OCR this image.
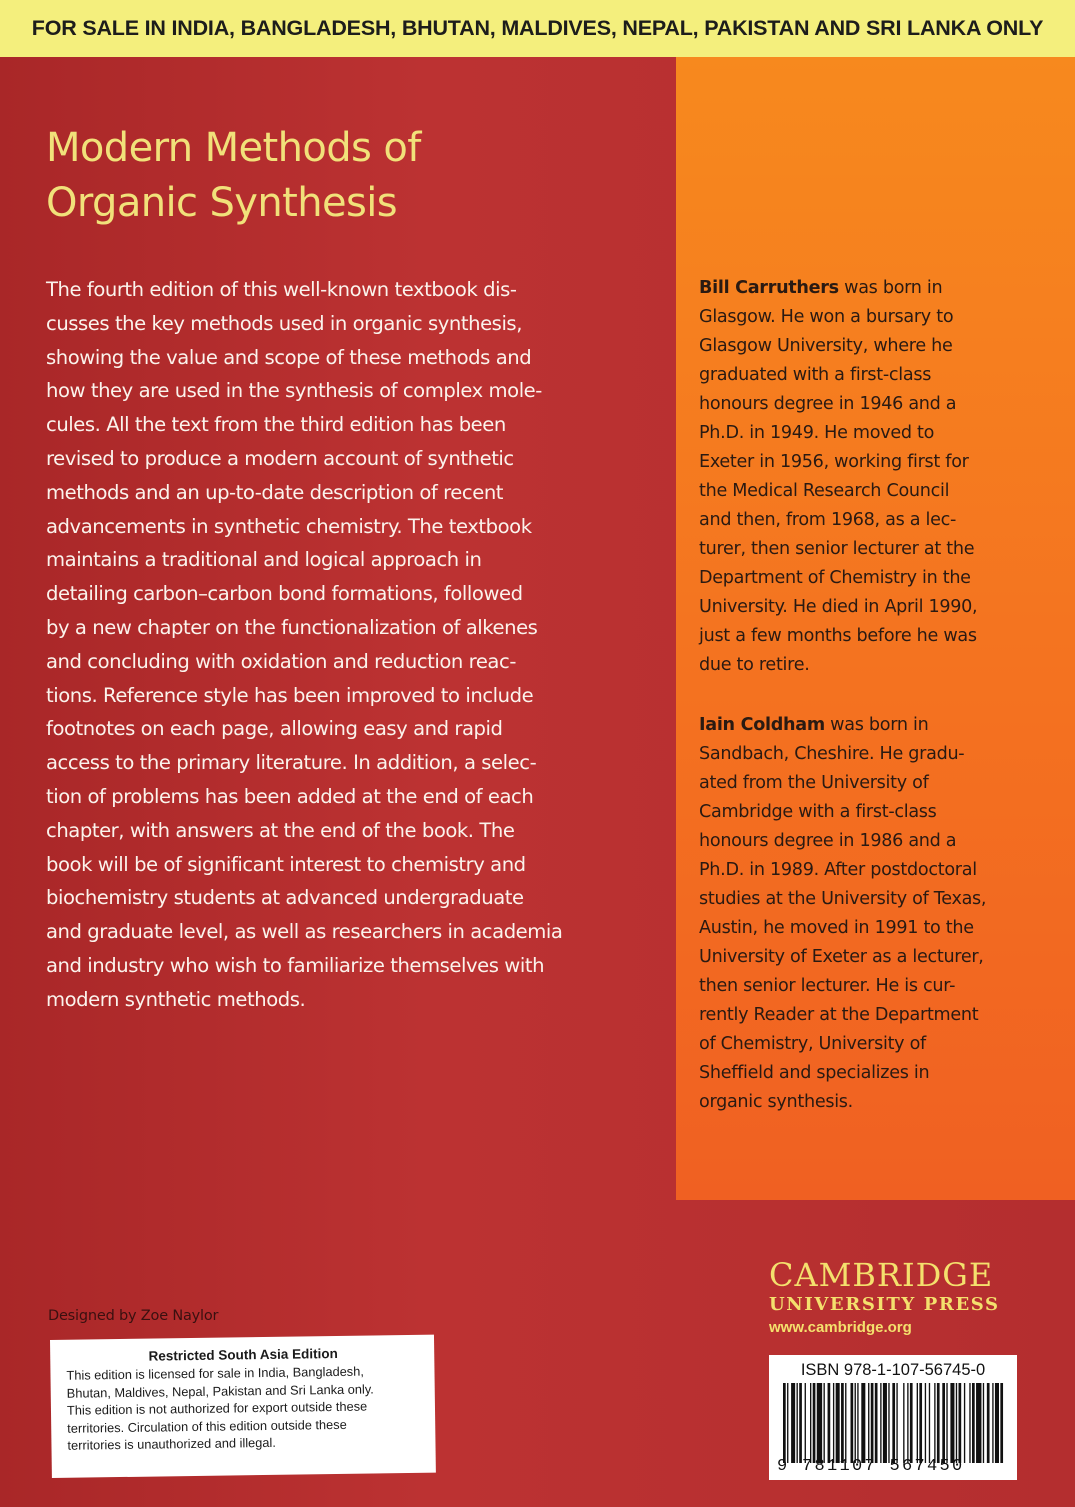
FOR SALE IN INDIA, BANGLADESH, BHUTAN, MALDIVES, NEPAL, PAKISTAN AND SRI LANKA ONLY
Modern Methods of
Organic Synthesis
The fourth edition of this well-known textbook dis-
cusses the key methods used in organic synthesis,
showing the value and scope of these methods and
how they are used in the synthesis of complex mole-
cules. All the text from the third edition has been
revised to produce a modern account of synthetic
methods and an up-to-date description of recent
advancements in synthetic chemistry. The textbook
maintains a traditional and logical approach in
detailing carbon–carbon bond formations, followed
by a new chapter on the functionalization of alkenes
and concluding with oxidation and reduction reac-
tions. Reference style has been improved to include
footnotes on each page, allowing easy and rapid
access to the primary literature. In addition, a selec-
tion of problems has been added at the end of each
chapter, with answers at the end of the book. The
book will be of significant interest to chemistry and
biochemistry students at advanced undergraduate
and graduate level, as well as researchers in academia
and industry who wish to familiarize themselves with
modern synthetic methods.
Bill Carruthers was born in
Glasgow. He won a bursary to
Glasgow University, where he
graduated with a first-class
honours degree in 1946 and a
Ph.D. in 1949. He moved to
Exeter in 1956, working first for
the Medical Research Council
and then, from 1968, as a lec-
turer, then senior lecturer at the
Department of Chemistry in the
University. He died in April 1990,
just a few months before he was
due to retire.
Iain Coldham was born in
Sandbach, Cheshire. He gradu-
ated from the University of
Cambridge with a first-class
honours degree in 1986 and a
Ph.D. in 1989. After postdoctoral
studies at the University of Texas,
Austin, he moved in 1991 to the
University of Exeter as a lecturer,
then senior lecturer. He is cur-
rently Reader at the Department
of Chemistry, University of
Sheffield and specializes in
organic synthesis.
Designed by Zoe Naylor
Restricted South Asia Edition
This edition is licensed for sale in India, Bangladesh,
Bhutan, Maldives, Nepal, Pakistan and Sri Lanka only.
This edition is not authorized for export outside these
territories. Circulation of this edition outside these
territories is unauthorized and illegal.
CAMBRIDGE
UNIVERSITY PRESS
www.cambridge.org
ISBN 978-1-107-56745-0
9 781107 567450
